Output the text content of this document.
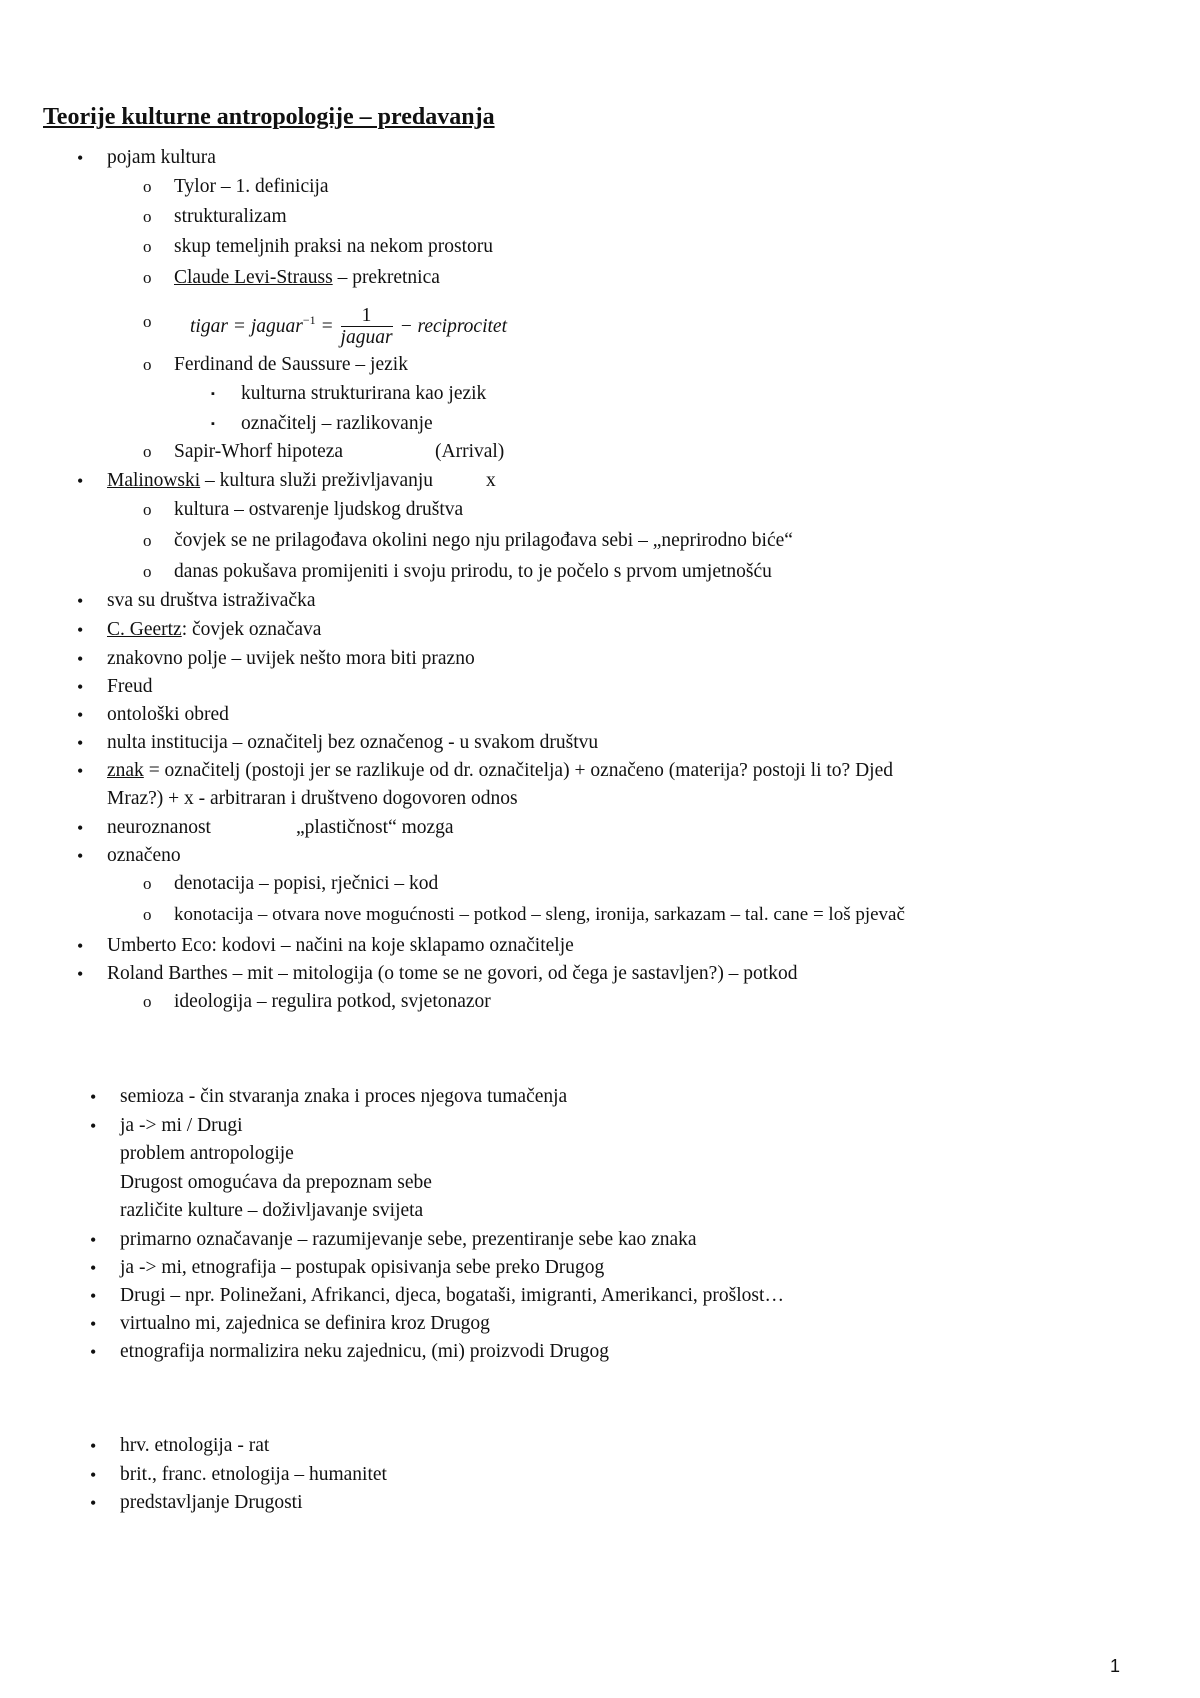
Teorije kulturne antropologije – predavanja
• pojam kultura
o Tylor – 1. definicija
o strukturalizam
o skup temeljnih praksi na nekom prostoru
o Claude Levi-Strauss – prekretnica
o tigar = jaguar$^{-1}$ = $\frac{1}{\text{jaguar}}$ − reciprocitet
o Ferdinand de Saussure – jezik
▪ kulturna strukturirana kao jezik
▪ označitelj – razlikovanje
o Sapir-Whorf hipoteza	(Arrival)
• Malinowski – kultura služi preživljavanju	x
o kultura – ostvarenje ljudskog društva
o čovjek se ne prilagođava okolini nego nju prilagođava sebi – „neprirodno biće“
o danas pokušava promijeniti i svoju prirodu, to je počelo s prvom umjetnošću
• sva su društva istraživačka
• C. Geertz: čovjek označava
• znakovno polje – uvijek nešto mora biti prazno
• Freud
• ontološki obred
• nulta institucija – označitelj bez označenog - u svakom društvu
• znak = označitelj (postoji jer se razlikuje od dr. označitelja) + označeno (materija? postoji li to? Djed
Mraz?) + x - arbitraran i društveno dogovoren odnos
• neuroznanost	„plastičnost“ mozga
• označeno
o denotacija – popisi, rječnici – kod
o konotacija – otvara nove mogućnosti – potkod – sleng, ironija, sarkazam – tal. cane = loš pjevač
• Umberto Eco: kodovi – načini na koje sklapamo označitelje
• Roland Barthes – mit – mitologija (o tome se ne govori, od čega je sastavljen?) – potkod
o ideologija – regulira potkod, svjetonazor
• semioza - čin stvaranja znaka i proces njegova tumačenja
• ja -> mi / Drugi
problem antropologije
Drugost omogućava da prepoznam sebe
različite kulture – doživljavanje svijeta
• primarno označavanje – razumijevanje sebe, prezentiranje sebe kao znaka
• ja -> mi, etnografija – postupak opisivanja sebe preko Drugog
• Drugi – npr. Polinežani, Afrikanci, djeca, bogataši, imigranti, Amerikanci, prošlost…
• virtualno mi, zajednica se definira kroz Drugog
• etnografija normalizira neku zajednicu, (mi) proizvodi Drugog
• hrv. etnologija - rat
• brit., franc. etnologija – humanitet
• predstavljanje Drugosti
1
